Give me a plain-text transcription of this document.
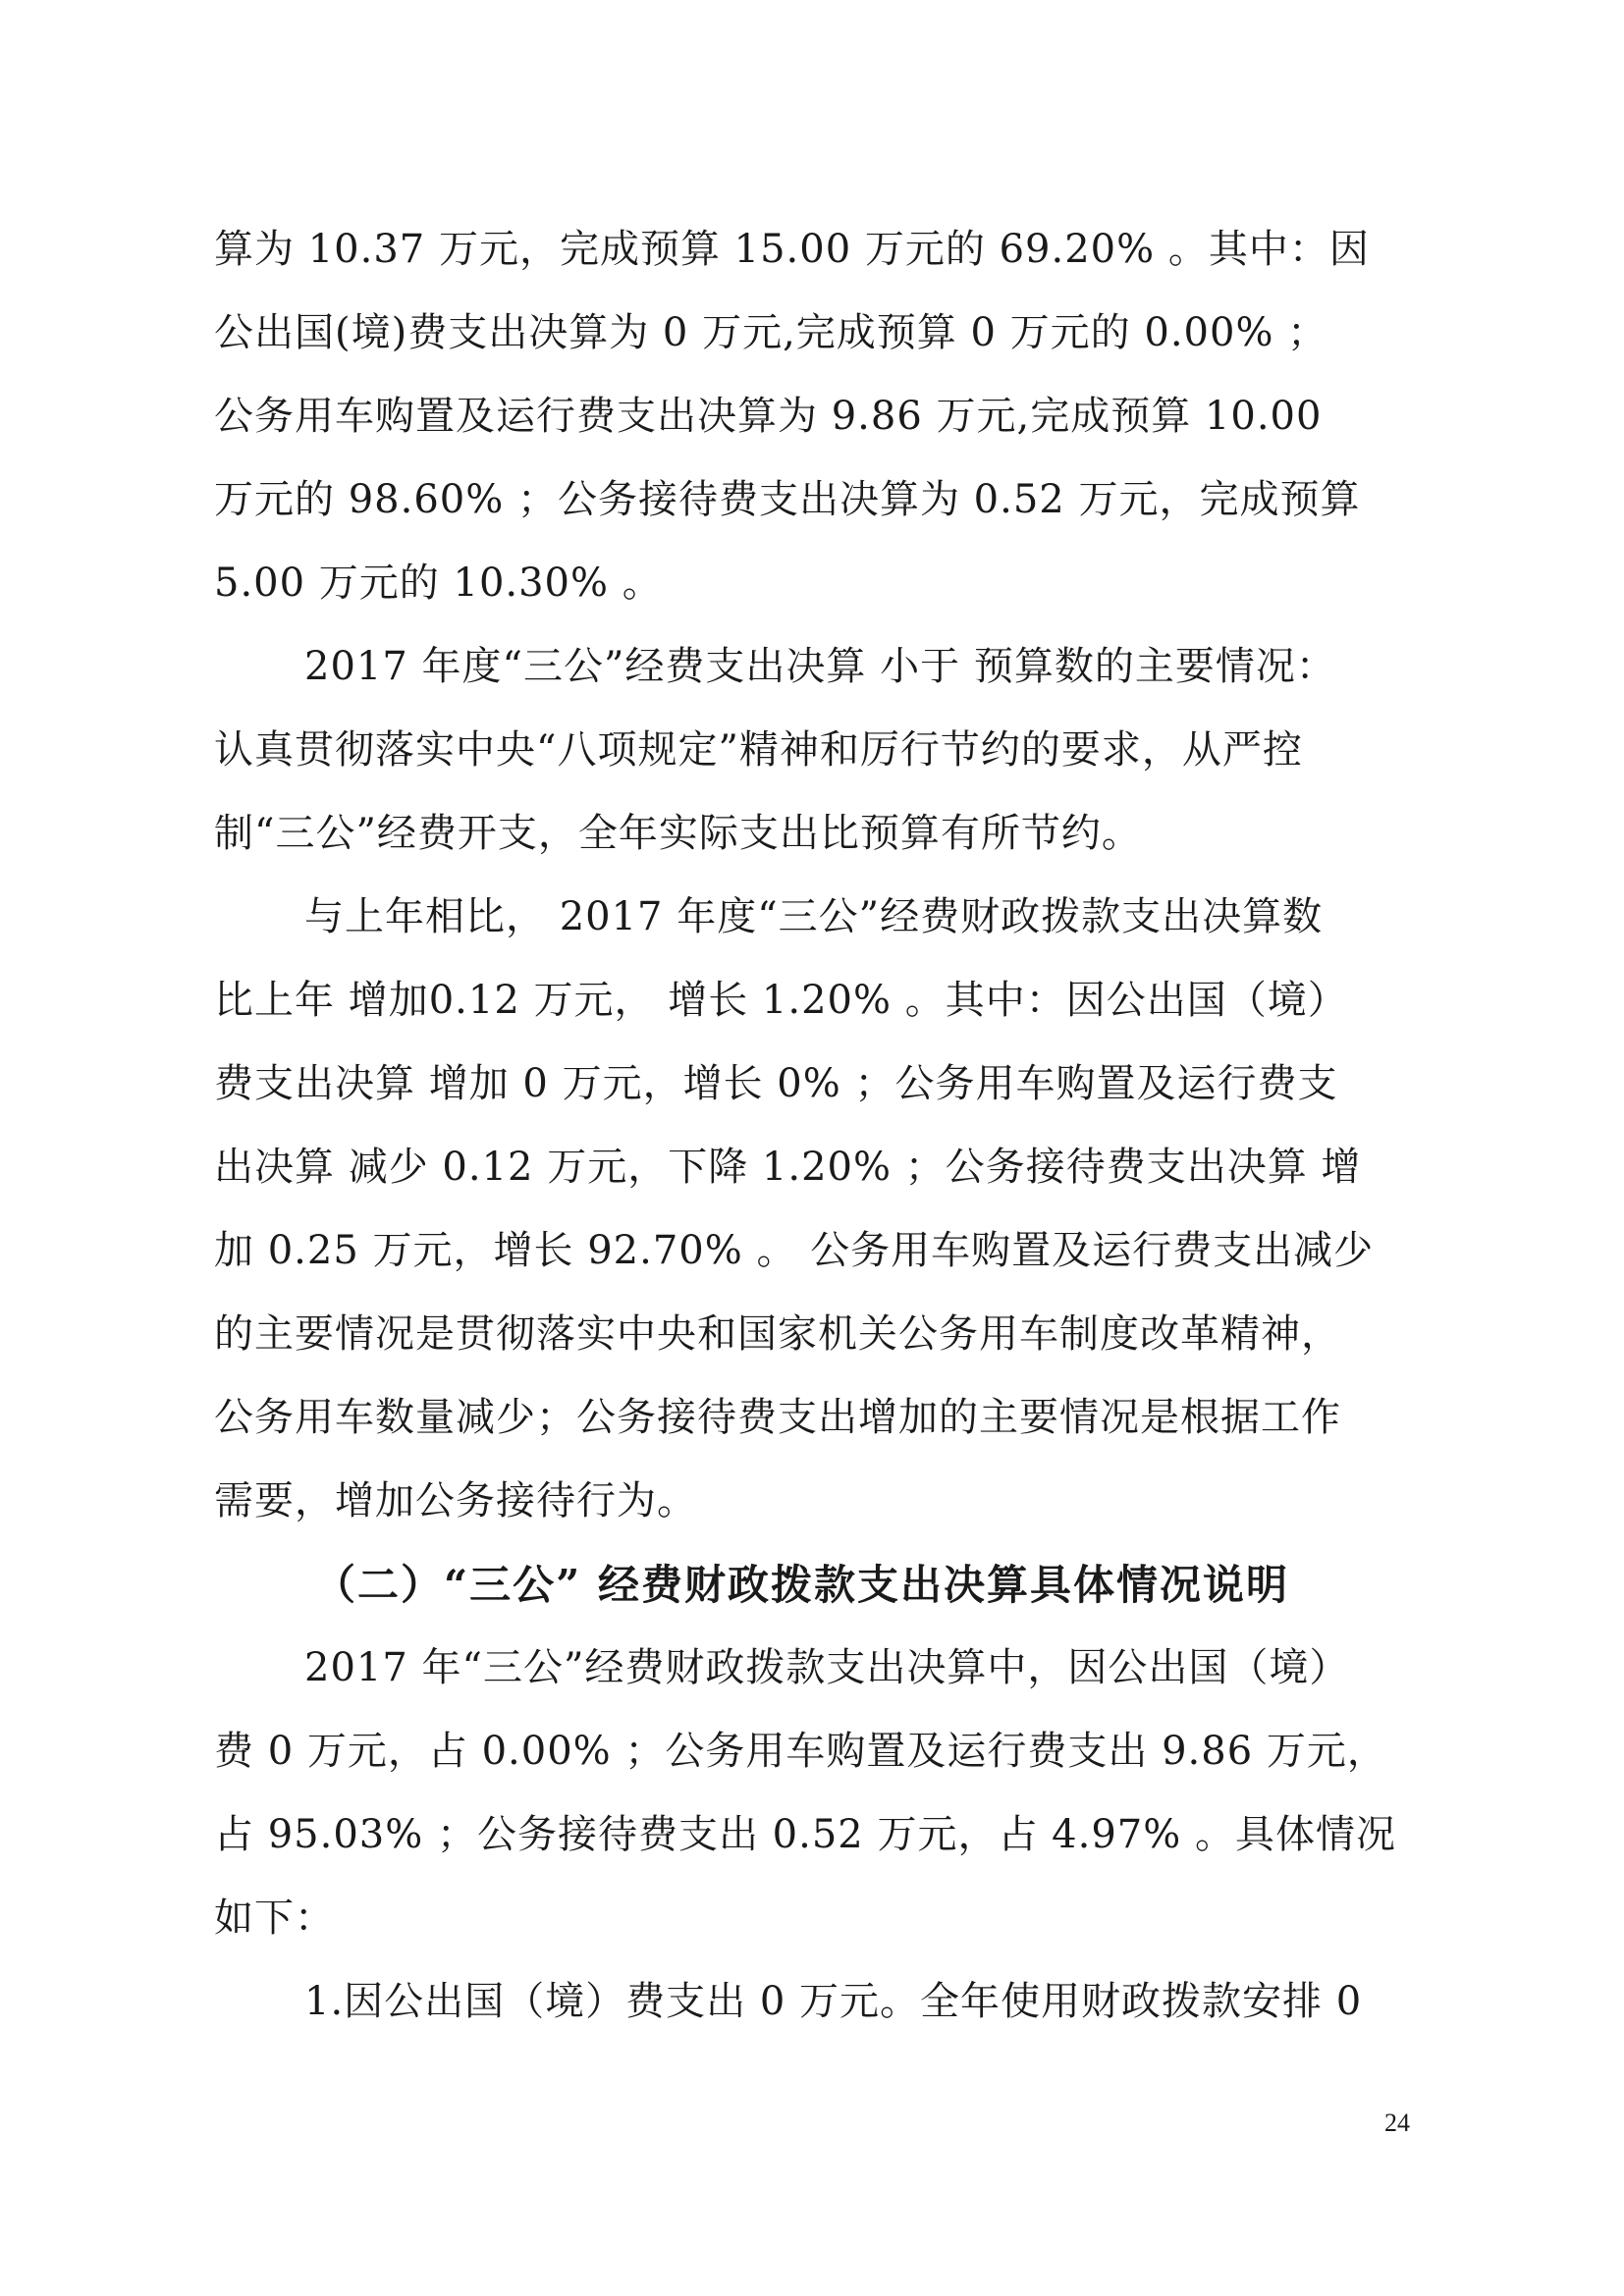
算为 10.37 万元，完成预算 15.00 万元的 69.20% 。其中：因
公出国(境)费支出决算为 0 万元,完成预算 0 万元的 0.00% ；
公务用车购置及运行费支出决算为 9.86 万元,完成预算 10.00
万元的 98.60% ；公务接待费支出决算为 0.52 万元，完成预算
5.00 万元的 10.30% 。
2017 年度“三公”经费支出决算 小于 预算数的主要情况：
认真贯彻落实中央“八项规定”精神和厉行节约的要求，从严控
制“三公”经费开支，全年实际支出比预算有所节约。
与上年相比， 2017 年度“三公”经费财政拨款支出决算数
比上年 增加0.12 万元， 增长 1.20% 。其中：因公出国（境）
费支出决算 增加 0 万元，增长 0% ；公务用车购置及运行费支
出决算 减少 0.12 万元，下降 1.20% ；公务接待费支出决算 增
加 0.25 万元，增长 92.70% 。 公务用车购置及运行费支出减少
的主要情况是贯彻落实中央和国家机关公务用车制度改革精神，
公务用车数量减少；公务接待费支出增加的主要情况是根据工作
需要，增加公务接待行为。
（二）“三公” 经费财政拨款支出决算具体情况说明
2017 年“三公”经费财政拨款支出决算中，因公出国（境）
费 0 万元，占 0.00% ；公务用车购置及运行费支出 9.86 万元，
占 95.03% ；公务接待费支出 0.52 万元，占 4.97% 。具体情况
如下：
1.因公出国（境）费支出 0 万元。全年使用财政拨款安排 0
24
